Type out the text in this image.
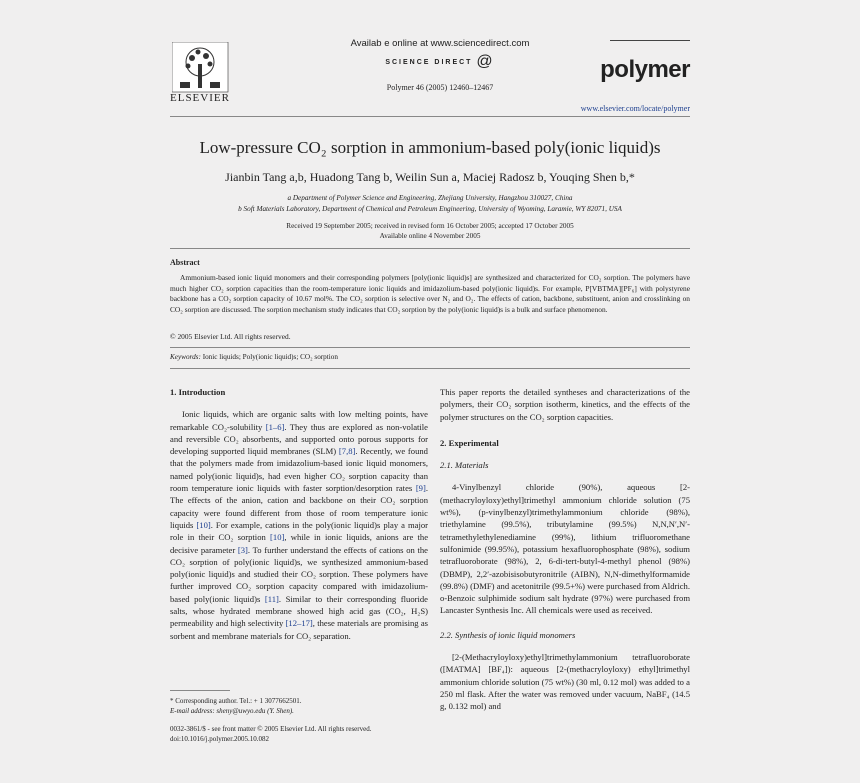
ELSEVIER
Availab e online at www.sciencedirect.com
SCIENCE DIRECT @
Polymer 46 (2005) 12460–12467
polymer
www.elsevier.com/locate/polymer
Low-pressure CO₂ sorption in ammonium-based poly(ionic liquid)s
Jianbin Tang a,b, Huadong Tang b, Weilin Sun a, Maciej Radosz b, Youqing Shen b,*
a Department of Polymer Science and Engineering, Zhejiang University, Hangzhou 310027, China
b Soft Materials Laboratory, Department of Chemical and Petroleum Engineering, University of Wyoming, Laramie, WY 82071, USA
Received 19 September 2005; received in revised form 16 October 2005; accepted 17 October 2005
Available online 4 November 2005
Abstract
Ammonium-based ionic liquid monomers and their corresponding polymers [poly(ionic liquid)s] are synthesized and characterized for CO₂ sorption. The polymers have much higher CO₂ sorption capacities than the room-temperature ionic liquids and imidazolium-based poly(ionic liquid)s. For example, P[VBTMA][PF₆] with polystyrene backbone has a CO₂ sorption capacity of 10.67 mol%. The CO₂ sorption is selective over N₂ and O₂. The effects of cation, backbone, substituent, anion and crosslinking on CO₂ sorption are discussed. The sorption mechanism study indicates that CO₂ sorption by the poly(ionic liquid)s is a bulk and surface phenomenon.
© 2005 Elsevier Ltd. All rights reserved.
Keywords: Ionic liquids; Poly(ionic liquid)s; CO₂ sorption
1. Introduction

Ionic liquids, which are organic salts with low melting points, have remarkable CO₂-solubility [1–6]. They thus are explored as non-volatile and reversible CO₂ absorbents, and supported onto porous supports for developing supported liquid membranes (SLM) [7,8]. Recently, we found that the polymers made from imidazolium-based ionic liquid monomers, named poly(ionic liquid)s, had even higher CO₂ sorption capacity than room temperature ionic liquids with faster sorption/desorption rates [9]. The effects of the anion, cation and backbone on their CO₂ sorption capacity were found different from those of room temperature ionic liquids [10]. For example, cations in the poly(ionic liquid)s play a major role in their CO₂ sorption [10], while in ionic liquids, anions are the decisive parameter [3]. To further understand the effects of cations on the CO₂ sorption of poly(ionic liquid)s, we synthesized ammonium-based poly(ionic liquid)s and studied their CO₂ sorption. These polymers have further improved CO₂ sorption capacity compared with imidazolium-based poly(ionic liquid)s [11]. Similar to their corresponding fluoride salts, whose hydrated membrane showed high acid gas (CO₂, H₂S) permeability and high selectivity [12–17], these materials are promising as sorbent and membrane materials for CO₂ separation.

This paper reports the detailed syntheses and characterizations of the polymers, their CO₂ sorption isotherm, kinetics, and the effects of the polymer structures on the CO₂ sorption capacities.

2. Experimental
2.1. Materials

4-Vinylbenzyl chloride (90%), aqueous [2-(methacryloyloxy)ethyl]trimethyl ammonium chloride solution (75 wt%), (p-vinylbenzyl)trimethylammonium chloride (98%), triethylamine (99.5%), tributylamine (99.5%) N,N,N′,N′-tetramethylethylenediamine (99%), lithium trifluoromethane sulfonimide (99.95%), potassium hexafluorophosphate (98%), sodium tetrafluoroborate (98%), 2, 6-di-tert-butyl-4-methyl phenol (98%) (DBMP), 2,2′-azobisisobutyronitrile (AIBN), N,N-dimethylformamide (99.8%) (DMF) and acetonitrile (99.5+%) were purchased from Aldrich. o-Benzoic sulphimide sodium salt hydrate (97%) were purchased from Lancaster Synthesis Inc. All chemicals were used as received.

2.2. Synthesis of ionic liquid monomers

[2-(Methacryloyloxy)ethyl]trimethylammonium tetrafluoroborate ([MATMA] [BF₄]): aqueous [2-(methacryloyloxy) ethyl]trimethyl ammonium chloride solution (75 wt%) (30 ml, 0.12 mol) was added to a 250 ml flask. After the water was removed under vacuum, NaBF₄ (14.5 g, 0.132 mol) and

* Corresponding author. Tel.: + 1 3077662501.
E-mail address: sheny@uwyo.edu (Y. Shen).
0032-3861/$ - see front matter © 2005 Elsevier Ltd. All rights reserved.
doi:10.1016/j.polymer.2005.10.082
